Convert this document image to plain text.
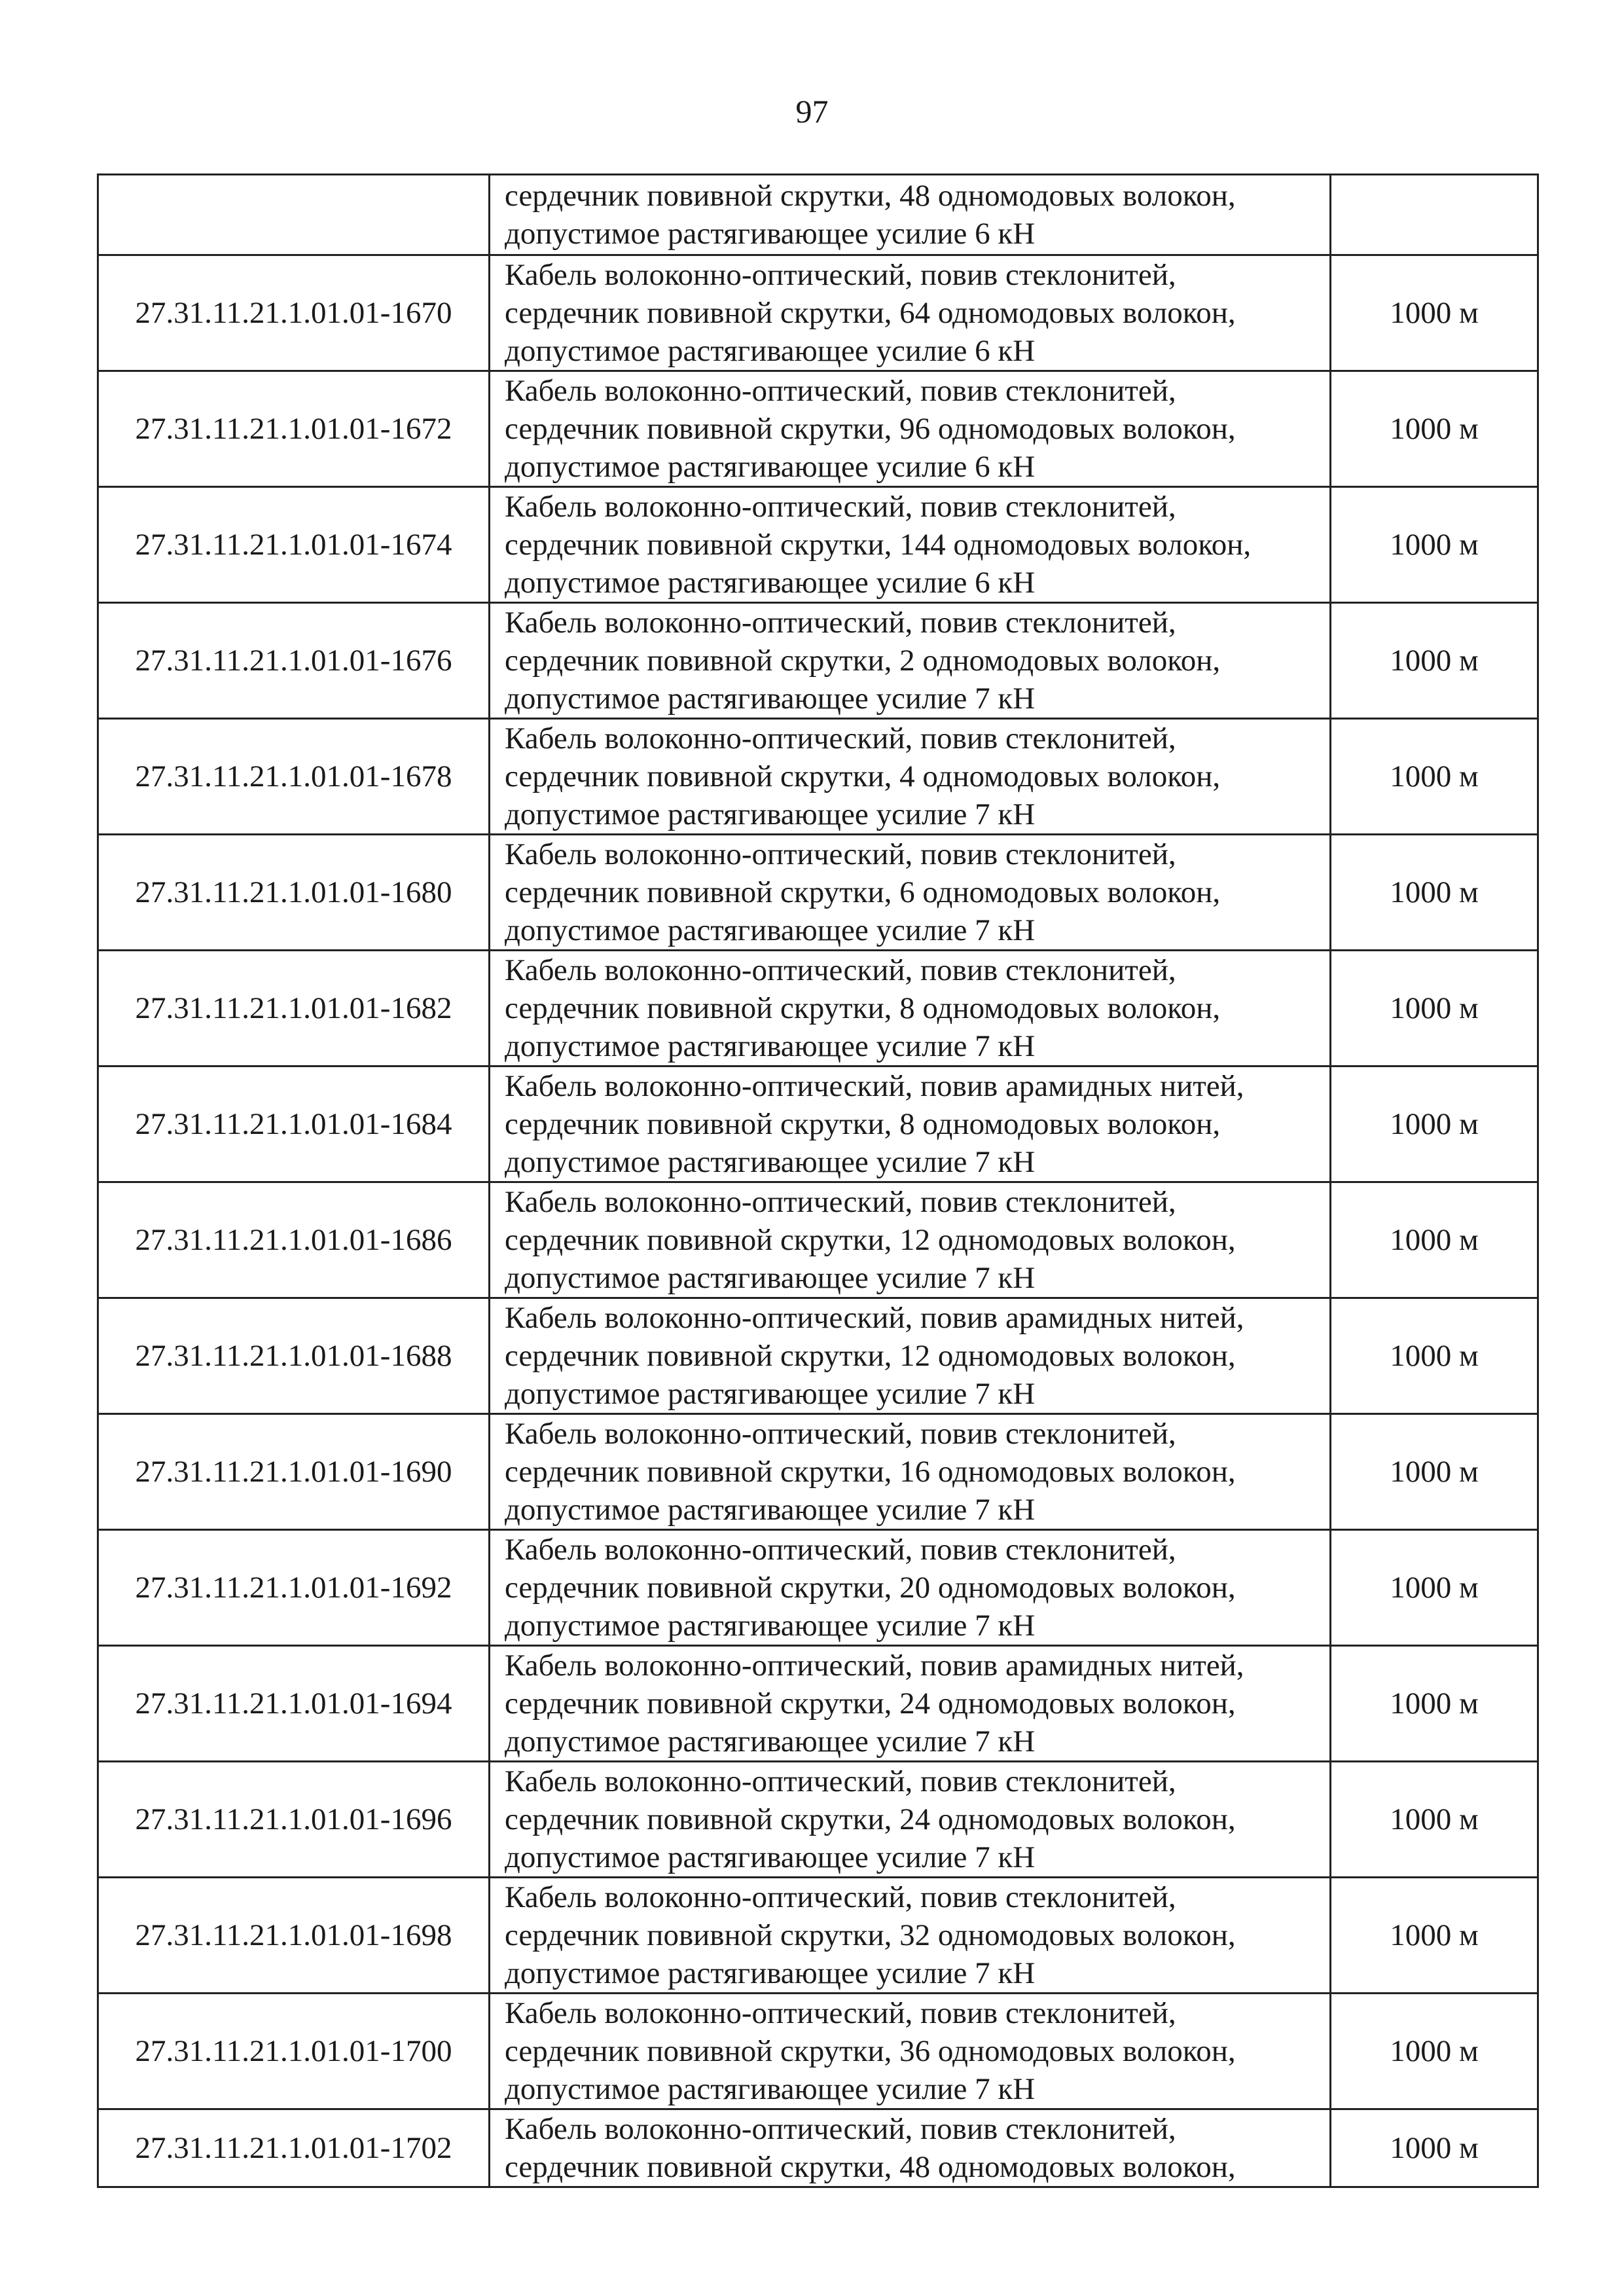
97

	сердечник повивной скрутки, 48 одномодовых волокон,
допустимое растягивающее усилие 6 кН	

27.31.11.21.1.01.01-1670	Кабель волоконно-оптический, повив стеклонитей,
сердечник повивной скрутки, 64 одномодовых волокон,
допустимое растягивающее усилие 6 кН	1000 м
27.31.11.21.1.01.01-1672	Кабель волоконно-оптический, повив стеклонитей,
сердечник повивной скрутки, 96 одномодовых волокон,
допустимое растягивающее усилие 6 кН	1000 м
27.31.11.21.1.01.01-1674	Кабель волоконно-оптический, повив стеклонитей,
сердечник повивной скрутки, 144 одномодовых волокон,
допустимое растягивающее усилие 6 кН	1000 м
27.31.11.21.1.01.01-1676	Кабель волоконно-оптический, повив стеклонитей,
сердечник повивной скрутки, 2 одномодовых волокон,
допустимое растягивающее усилие 7 кН	1000 м
27.31.11.21.1.01.01-1678	Кабель волоконно-оптический, повив стеклонитей,
сердечник повивной скрутки, 4 одномодовых волокон,
допустимое растягивающее усилие 7 кН	1000 м
27.31.11.21.1.01.01-1680	Кабель волоконно-оптический, повив стеклонитей,
сердечник повивной скрутки, 6 одномодовых волокон,
допустимое растягивающее усилие 7 кН	1000 м
27.31.11.21.1.01.01-1682	Кабель волоконно-оптический, повив стеклонитей,
сердечник повивной скрутки, 8 одномодовых волокон,
допустимое растягивающее усилие 7 кН	1000 м
27.31.11.21.1.01.01-1684	Кабель волоконно-оптический, повив арамидных нитей,
сердечник повивной скрутки, 8 одномодовых волокон,
допустимое растягивающее усилие 7 кН	1000 м
27.31.11.21.1.01.01-1686	Кабель волоконно-оптический, повив стеклонитей,
сердечник повивной скрутки, 12 одномодовых волокон,
допустимое растягивающее усилие 7 кН	1000 м
27.31.11.21.1.01.01-1688	Кабель волоконно-оптический, повив арамидных нитей,
сердечник повивной скрутки, 12 одномодовых волокон,
допустимое растягивающее усилие 7 кН	1000 м
27.31.11.21.1.01.01-1690	Кабель волоконно-оптический, повив стеклонитей,
сердечник повивной скрутки, 16 одномодовых волокон,
допустимое растягивающее усилие 7 кН	1000 м
27.31.11.21.1.01.01-1692	Кабель волоконно-оптический, повив стеклонитей,
сердечник повивной скрутки, 20 одномодовых волокон,
допустимое растягивающее усилие 7 кН	1000 м
27.31.11.21.1.01.01-1694	Кабель волоконно-оптический, повив арамидных нитей,
сердечник повивной скрутки, 24 одномодовых волокон,
допустимое растягивающее усилие 7 кН	1000 м
27.31.11.21.1.01.01-1696	Кабель волоконно-оптический, повив стеклонитей,
сердечник повивной скрутки, 24 одномодовых волокон,
допустимое растягивающее усилие 7 кН	1000 м
27.31.11.21.1.01.01-1698	Кабель волоконно-оптический, повив стеклонитей,
сердечник повивной скрутки, 32 одномодовых волокон,
допустимое растягивающее усилие 7 кН	1000 м
27.31.11.21.1.01.01-1700	Кабель волоконно-оптический, повив стеклонитей,
сердечник повивной скрутки, 36 одномодовых волокон,
допустимое растягивающее усилие 7 кН	1000 м
27.31.11.21.1.01.01-1702	Кабель волоконно-оптический, повив стеклонитей,
сердечник повивной скрутки, 48 одномодовых волокон,	1000 м
